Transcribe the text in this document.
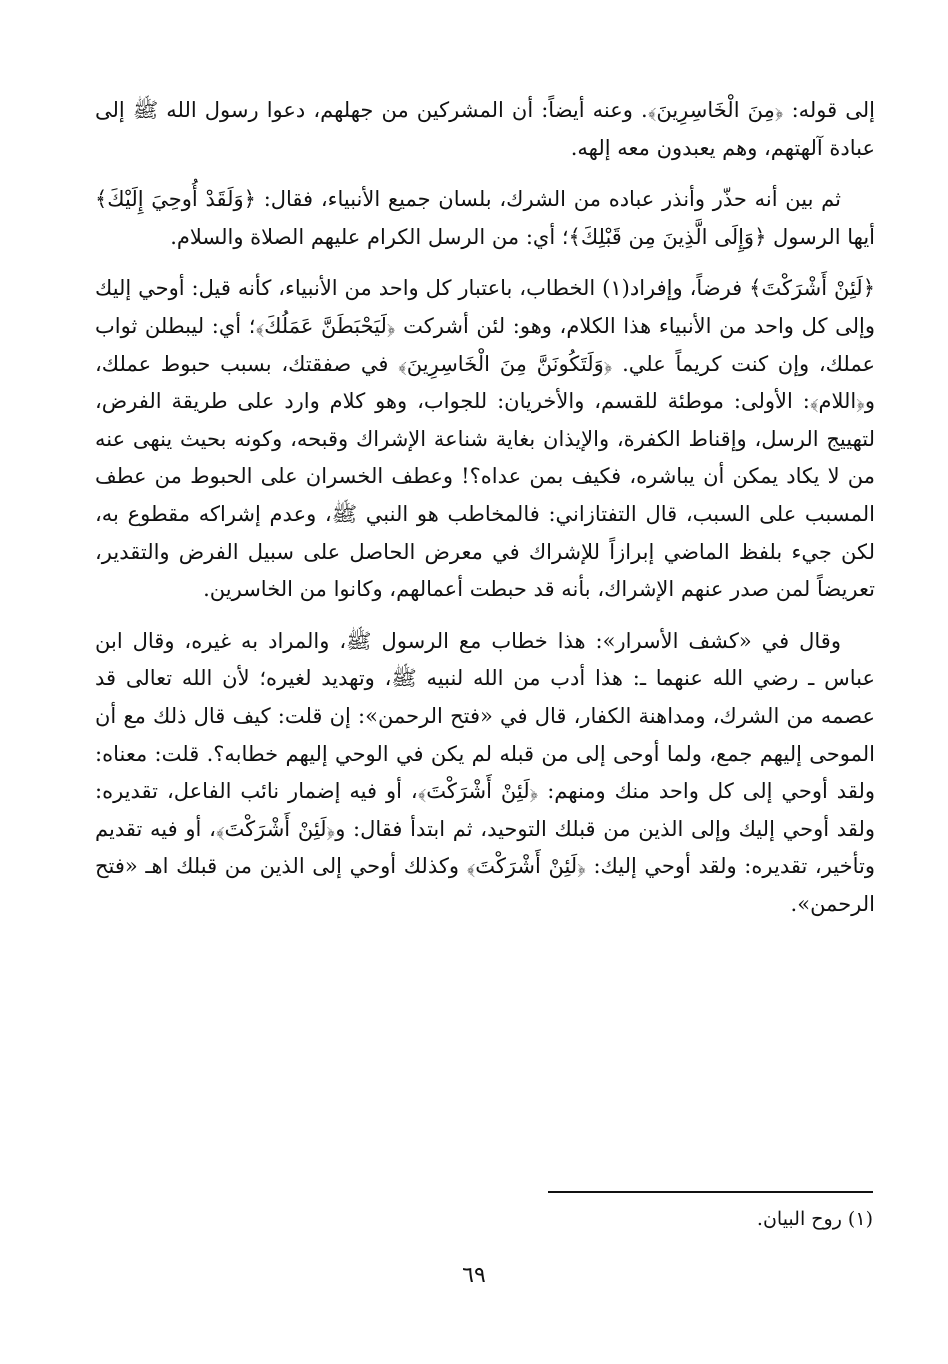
إلى قوله: ﴿مِنَ الْخَاسِرِينَ﴾. وعنه أيضاً: أن المشركين من جهلهم، دعوا رسول الله ﷺ إلى عبادة آلهتهم، وهم يعبدون معه إلهه.

ثم بين أنه حذّر وأنذر عباده من الشرك، بلسان جميع الأنبياء، فقال: ﴿وَلَقَدْ أُوحِيَ إِلَيْكَ﴾ أيها الرسول ﴿وَإِلَى الَّذِينَ مِن قَبْلِكَ﴾؛ أي: من الرسل الكرام عليهم الصلاة والسلام.

﴿لَئِنْ أَشْرَكْتَ﴾ فرضاً، وإفراد(١) الخطاب، باعتبار كل واحد من الأنبياء، كأنه قيل: أوحي إليك وإلى كل واحد من الأنبياء هذا الكلام، وهو: لئن أشركت ﴿لَيَحْبَطَنَّ عَمَلُكَ﴾؛ أي: ليبطلن ثواب عملك، وإن كنت كريماً علي. ﴿وَلَتَكُونَنَّ مِنَ الْخَاسِرِينَ﴾ في صفقتك، بسبب حبوط عملك، و﴿اللام﴾: الأولى: موطئة للقسم، والأخريان: للجواب، وهو كلام وارد على طريقة الفرض، لتهييج الرسل، وإقناط الكفرة، والإيذان بغاية شناعة الإشراك وقبحه، وكونه بحيث ينهى عنه من لا يكاد يمكن أن يباشره، فكيف بمن عداه؟! وعطف الخسران على الحبوط من عطف المسبب على السبب، قال التفتازاني: فالمخاطب هو النبي ﷺ، وعدم إشراكه مقطوع به، لكن جيء بلفظ الماضي إبرازاً للإشراك في معرض الحاصل على سبيل الفرض والتقدير، تعريضاً لمن صدر عنهم الإشراك، بأنه قد حبطت أعمالهم، وكانوا من الخاسرين.

وقال في «كشف الأسرار»: هذا خطاب مع الرسول ﷺ، والمراد به غيره، وقال ابن عباس ـ رضي الله عنهما ـ: هذا أدب من الله لنبيه ﷺ، وتهديد لغيره؛ لأن الله تعالى قد عصمه من الشرك، ومداهنة الكفار، قال في «فتح الرحمن»: إن قلت: كيف قال ذلك مع أن الموحى إليهم جمع، ولما أوحى إلى من قبله لم يكن في الوحي إليهم خطابه؟. قلت: معناه: ولقد أوحي إلى كل واحد منك ومنهم: ﴿لَئِنْ أَشْرَكْتَ﴾، أو فيه إضمار نائب الفاعل، تقديره: ولقد أوحي إليك وإلى الذين من قبلك التوحيد، ثم ابتدأ فقال: و﴿لَئِنْ أَشْرَكْتَ﴾، أو فيه تقديم وتأخير، تقديره: ولقد أوحي إليك: ﴿لَئِنْ أَشْرَكْتَ﴾ وكذلك أوحي إلى الذين من قبلك اهـ «فتح الرحمن».

(١) روح البيان.
٦٩
